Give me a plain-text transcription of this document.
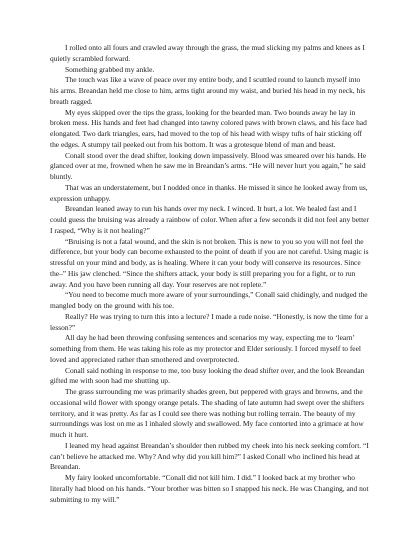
I rolled onto all fours and crawled away through the grass, the mud slicking my palms and knees as I quietly scrambled forward.

Something grabbed my ankle.

The touch was like a wave of peace over my entire body, and I scuttled round to launch myself into his arms. Breandan held me close to him, arms tight around my waist, and buried his head in my neck, his breath ragged.

My eyes skipped over the tips the grass, looking for the bearded man. Two bounds away he lay in broken mess. His hands and feet had changed into tawny colored paws with brown claws, and his face had elongated. Two dark triangles, ears, had moved to the top of his head with wispy tufts of hair sticking off the edges. A stumpy tail peeked out from his bottom. It was a grotesque blend of man and beast.

Conall stood over the dead shifter, looking down impassively. Blood was smeared over his hands. He glanced over at me, frowned when he saw me in Breandan’s arms. “He will never hurt you again,” he said bluntly.

That was an understatement, but I nodded once in thanks. He missed it since he looked away from us, expression unhappy.

Breandan leaned away to run his hands over my neck. I winced. It hurt, a lot. We healed fast and I could guess the bruising was already a rainbow of color. When after a few seconds it did not feel any better I rasped, “Why is it not healing?”

“Bruising is not a fatal wound, and the skin is not broken. This is new to you so you will not feel the difference, but your body can become exhausted to the point of death if you are not careful. Using magic is stressful on your mind and body, as is healing. Where it can your body will conserve its resources. Since the–” His jaw clenched. “Since the shifters attack, your body is still preparing you for a fight, or to run away. And you have been running all day. Your reserves are not replete.”

“You need to become much more aware of your surroundings,” Conall said chidingly, and nudged the mangled body on the ground with his toe.

Really? He was trying to turn this into a lecture? I made a rude noise. “Honestly, is now the time for a lesson?”

All day he had been throwing confusing sentences and scenarios my way, expecting me to ‘learn’ something from them. He was taking his role as my protector and Elder seriously. I forced myself to feel loved and appreciated rather than smothered and overprotected.

Conall said nothing in response to me, too busy looking the dead shifter over, and the look Breandan gifted me with soon had me shutting up.

The grass surrounding me was primarily shades green, but peppered with grays and browns, and the occasional wild flower with spongy orange petals. The shading of late autumn had swept over the shifters territory, and it was pretty. As far as I could see there was nothing but rolling terrain. The beauty of my surroundings was lost on me as I inhaled slowly and swallowed. My face contorted into a grimace at how much it hurt.

I leaned my head against Breandan’s shoulder then rubbed my cheek into his neck seeking comfort. “I can’t believe he attacked me. Why? And why did you kill him?” I asked Conall who inclined his head at Breandan.

My fairy looked uncomfortable. “Conall did not kill him. I did.” I looked back at my brother who literally had blood on his hands. “Your brother was bitten so I snapped his neck. He was Changing, and not submitting to my will.”
